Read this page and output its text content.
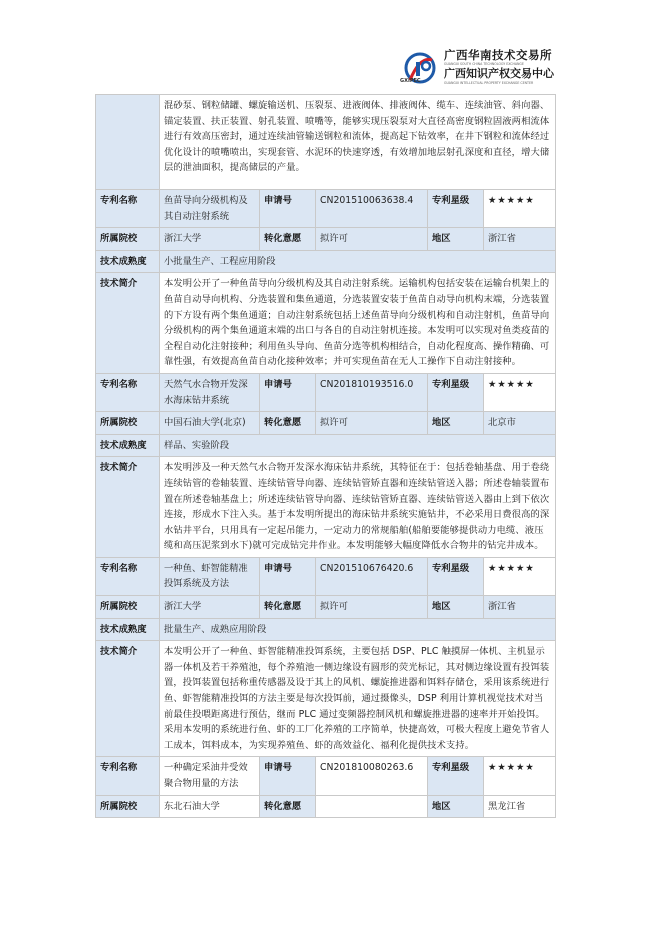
GXIPEC
广西华南技术交易所
GUANGXI SOUTH CHINA TECHNOLOGY EXCHANGE
广西知识产权交易中心
GUANGXI INTELLECTUAL PROPERTY EXCHANGE CENTER
	混砂泵、钢粒储罐、螺旋输送机、压裂泵、进液阀体、排液阀体、缆车、连续油管、斜向器、锚定装置、扶正装置、射孔装置、喷嘴等，能够实现压裂泵对大直径高密度钢粒固液两相流体进行有效高压密封，通过连续油管输送钢粒和流体，提高起下钻效率，在井下钢粒和流体经过优化设计的喷嘴喷出，实现套管、水泥环的快速穿透，有效增加地层射孔深度和直径，增大储层的泄油面积，提高储层的产量。				
专利名称	鱼苗导向分级机构及其自动注射系统	申请号	CN201510063638.4	专利星级	★★★★★
所属院校	浙江大学	转化意愿	拟许可	地区	浙江省
技术成熟度	小批量生产、工程应用阶段				
技术简介	本发明公开了一种鱼苗导向分级机构及其自动注射系统。运输机构包括安装在运输台机架上的鱼苗自动导向机构、分选装置和集鱼通道，分选装置安装于鱼苗自动导向机构末端，分选装置的下方设有两个集鱼通道；自动注射系统包括上述鱼苗导向分级机构和自动注射机，鱼苗导向分级机构的两个集鱼通道末端的出口与各自的自动注射机连接。本发明可以实现对鱼类疫苗的全程自动化注射接种；利用鱼头导向、鱼苗分选等机构相结合，自动化程度高、操作精确、可靠性强，有效提高鱼苗自动化接种效率；并可实现鱼苗在无人工操作下自动注射接种。				
专利名称	天然气水合物开发深水海床钻井系统	申请号	CN201810193516.0	专利星级	★★★★★
所属院校	中国石油大学(北京)	转化意愿	拟许可	地区	北京市
技术成熟度	样品、实验阶段				
技术简介	本发明涉及一种天然气水合物开发深水海床钻井系统，其特征在于：包括卷轴基盘、用于卷绕连续钻管的卷轴装置、连续钻管导向器、连续钻管矫直器和连续钻管送入器；所述卷轴装置布置在所述卷轴基盘上；所述连续钻管导向器、连续钻管矫直器、连续钻管送入器由上到下依次连接，形成水下注入头。基于本发明所提出的海床钻井系统实施钻井，不必采用日费很高的深水钻井平台，只用具有一定起吊能力，一定动力的常规船舶(船舶要能够提供动力电缆、液压缆和高压泥浆到水下)就可完成钻完井作业。本发明能够大幅度降低水合物井的钻完井成本。				
专利名称	一种鱼、虾智能精准投饵系统及方法	申请号	CN201510676420.6	专利星级	★★★★★
所属院校	浙江大学	转化意愿	拟许可	地区	浙江省
技术成熟度	批量生产、成熟应用阶段				
技术简介	本发明公开了一种鱼、虾智能精准投饵系统，主要包括 DSP、PLC 触摸屏一体机、主机显示器一体机及若干养殖池，每个养殖池一侧边缘设有圆形的荧光标记，其对侧边缘设置有投饵装置，投饵装置包括称重传感器及设于其上的风机、螺旋推进器和饵料存储仓，采用该系统进行鱼、虾智能精准投饵的方法主要是每次投饵前，通过摄像头，DSP 利用计算机视觉技术对当前最佳投喂距离进行预估，继而 PLC 通过变频器控制风机和螺旋推进器的速率并开始投饵。采用本发明的系统进行鱼、虾的工厂化养殖的工序简单，快捷高效，可极大程度上避免节省人工成本，饵料成本，为实现养殖鱼、虾的高效益化、福利化提供技术支持。				
专利名称	一种确定采油井受效聚合物用量的方法	申请号	CN201810080263.6	专利星级	★★★★★
所属院校	东北石油大学	转化意愿		地区	黑龙江省
